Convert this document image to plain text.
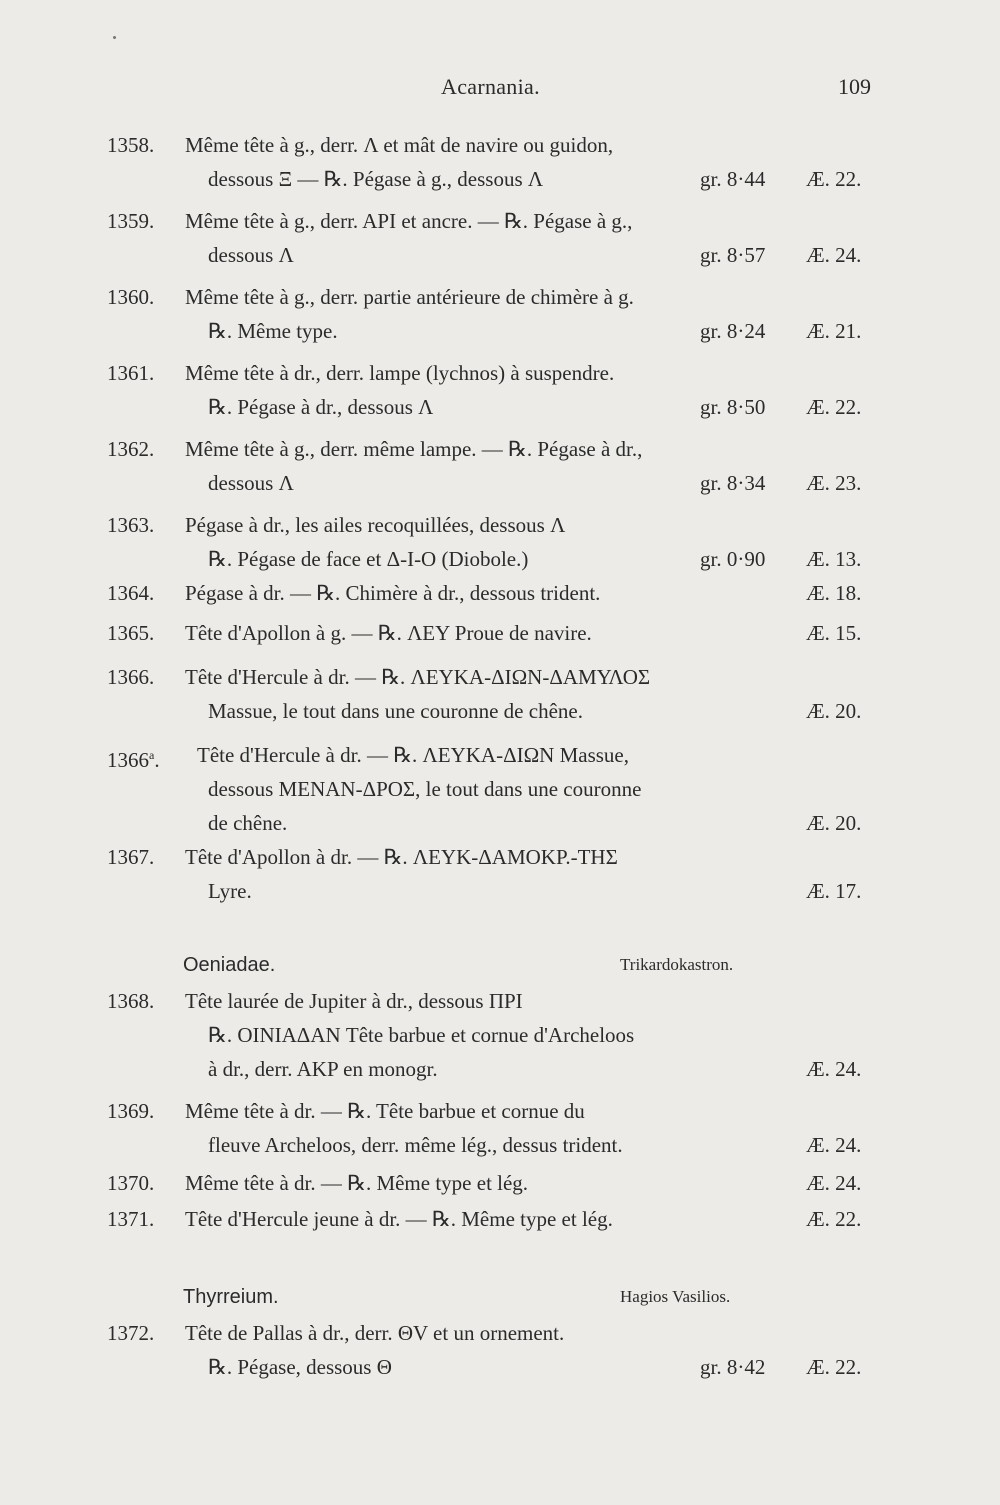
Acarnania.	109
1358. Même tête à g., derr. Λ et mât de navire ou guidon,
dessous Ξ — ℞. Pégase à g., dessous Λ	gr. 8·44 Æ. 22.
1359. Même tête à g., derr. API et ancre. — ℞. Pégase à g.,
dessous Λ	gr. 8·57 Æ. 24.
1360. Même tête à g., derr. partie antérieure de chimère à g.
℞. Même type.	gr. 8·24 Æ. 21.
1361. Même tête à dr., derr. lampe (lychnos) à suspendre.
℞. Pégase à dr., dessous Λ	gr. 8·50 Æ. 22.
1362. Même tête à g., derr. même lampe. — ℞. Pégase à dr.,
dessous Λ	gr. 8·34 Æ. 23.
1363. Pégase à dr., les ailes recoquillées, dessous Λ
℞. Pégase de face et Δ-I-O (Diobole.)	gr. 0·90 Æ. 13.
1364. Pégase à dr. — ℞. Chimère à dr., dessous trident.	Æ. 18.
1365. Tête d'Apollon à g. — ℞. ΛΕΥ Proue de navire.	Æ. 15.
1366. Tête d'Hercule à dr. — ℞. ΛΕΥΚΑ-ΔΙΩΝ-ΔΑΜΥΛΟΣ
Massue, le tout dans une couronne de chêne.	Æ. 20.
1366$^a$. Tête d'Hercule à dr. — ℞. ΛΕΥΚΑ-ΔΙΩΝ Massue,
dessous ΜΕΝΑΝ-ΔΡΟΣ, le tout dans une couronne
de chêne.	Æ. 20.
1367. Tête d'Apollon à dr. — ℞. ΛΕΥΚ-ΔΑΜΟΚΡ.-ΤΗΣ
Lyre.	Æ. 17.
Oeniadae.	Trikardokastron.
1368. Tête laurée de Jupiter à dr., dessous ΠΡΙ
℞. ΟΙΝΙΑΔΑΝ Tête barbue et cornue d'Archeloos
à dr., derr. AKP en monogr.	Æ. 24.
1369. Même tête à dr. — ℞. Tête barbue et cornue du
fleuve Archeloos, derr. même lég., dessus trident.	Æ. 24.
1370. Même tête à dr. — ℞. Même type et lég.	Æ. 24.
1371. Tête d'Hercule jeune à dr. — ℞. Même type et lég.	Æ. 22.
Thyrreium.	Hagios Vasilios.
1372. Tête de Pallas à dr., derr. ΘV et un ornement.
℞. Pégase, dessous Θ	gr. 8·42 Æ. 22.
